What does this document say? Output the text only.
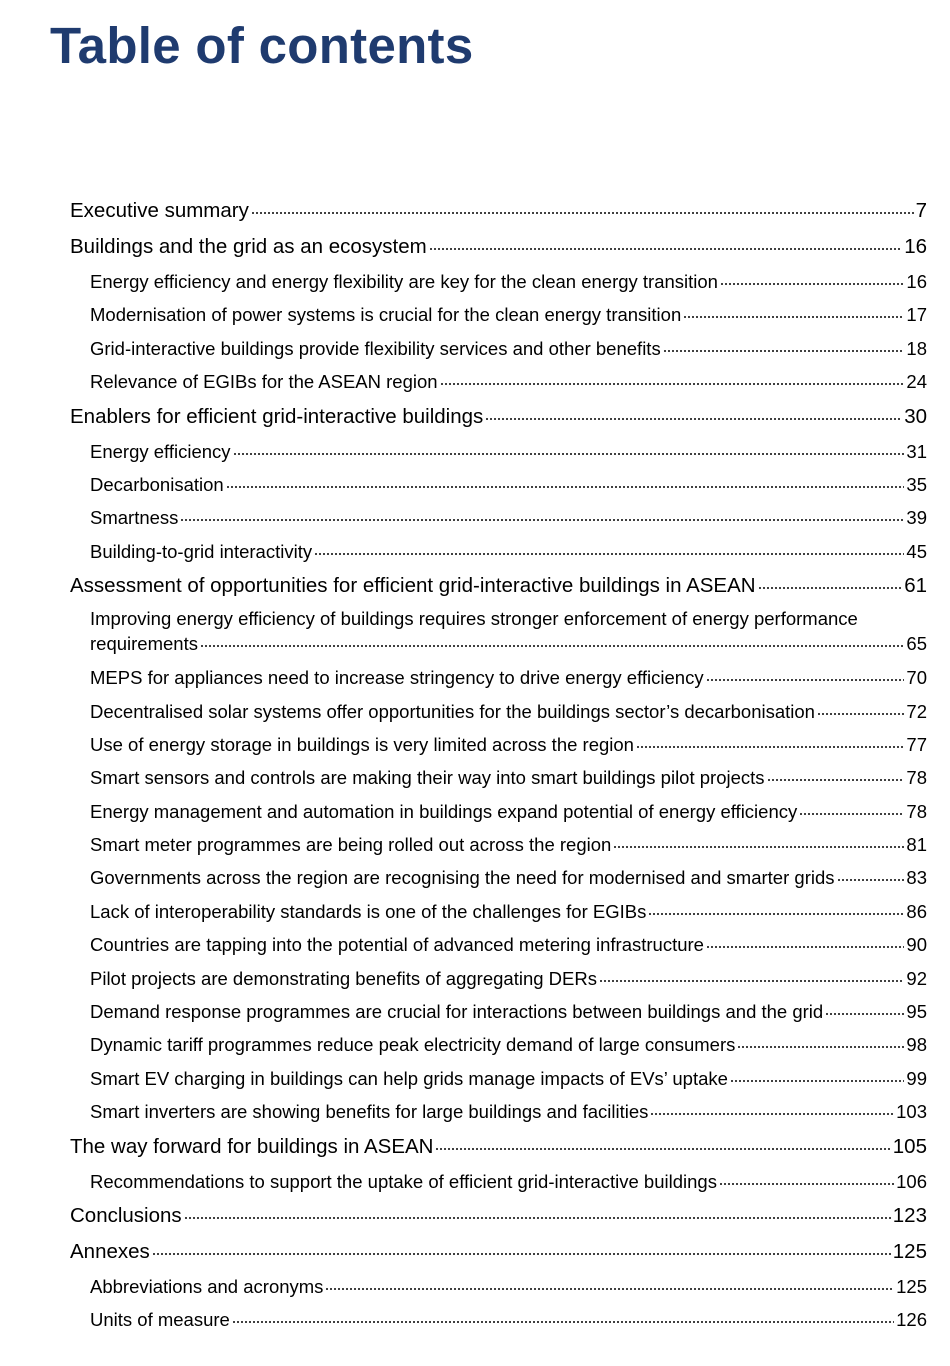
Table of contents
Executive summary	7
Buildings and the grid as an ecosystem	16
Energy efficiency and energy flexibility are key for the clean energy transition	16
Modernisation of power systems is crucial for the clean energy transition	17
Grid-interactive buildings provide flexibility services and other benefits	18
Relevance of EGIBs for the ASEAN region	24
Enablers for efficient grid-interactive buildings	30
Energy efficiency	31
Decarbonisation	35
Smartness	39
Building-to-grid interactivity	45
Assessment of opportunities for efficient grid-interactive buildings in ASEAN	61
Improving energy efficiency of buildings requires stronger enforcement of energy performance
requirements	65
MEPS for appliances need to increase stringency to drive energy efficiency	70
Decentralised solar systems offer opportunities for the buildings sector’s decarbonisation	72
Use of energy storage in buildings is very limited across the region	77
Smart sensors and controls are making their way into smart buildings pilot projects	78
Energy management and automation in buildings expand potential of energy efficiency	78
Smart meter programmes are being rolled out across the region	81
Governments across the region are recognising the need for modernised and smarter grids	83
Lack of interoperability standards is one of the challenges for EGIBs	86
Countries are tapping into the potential of advanced metering infrastructure	90
Pilot projects are demonstrating benefits of aggregating DERs	92
Demand response programmes are crucial for interactions between buildings and the grid	95
Dynamic tariff programmes reduce peak electricity demand of large consumers	98
Smart EV charging in buildings can help grids manage impacts of EVs’ uptake	99
Smart inverters are showing benefits for large buildings and facilities	103
The way forward for buildings in ASEAN	105
Recommendations to support the uptake of efficient grid-interactive buildings	106
Conclusions	123
Annexes	125
Abbreviations and acronyms	125
Units of measure	126
